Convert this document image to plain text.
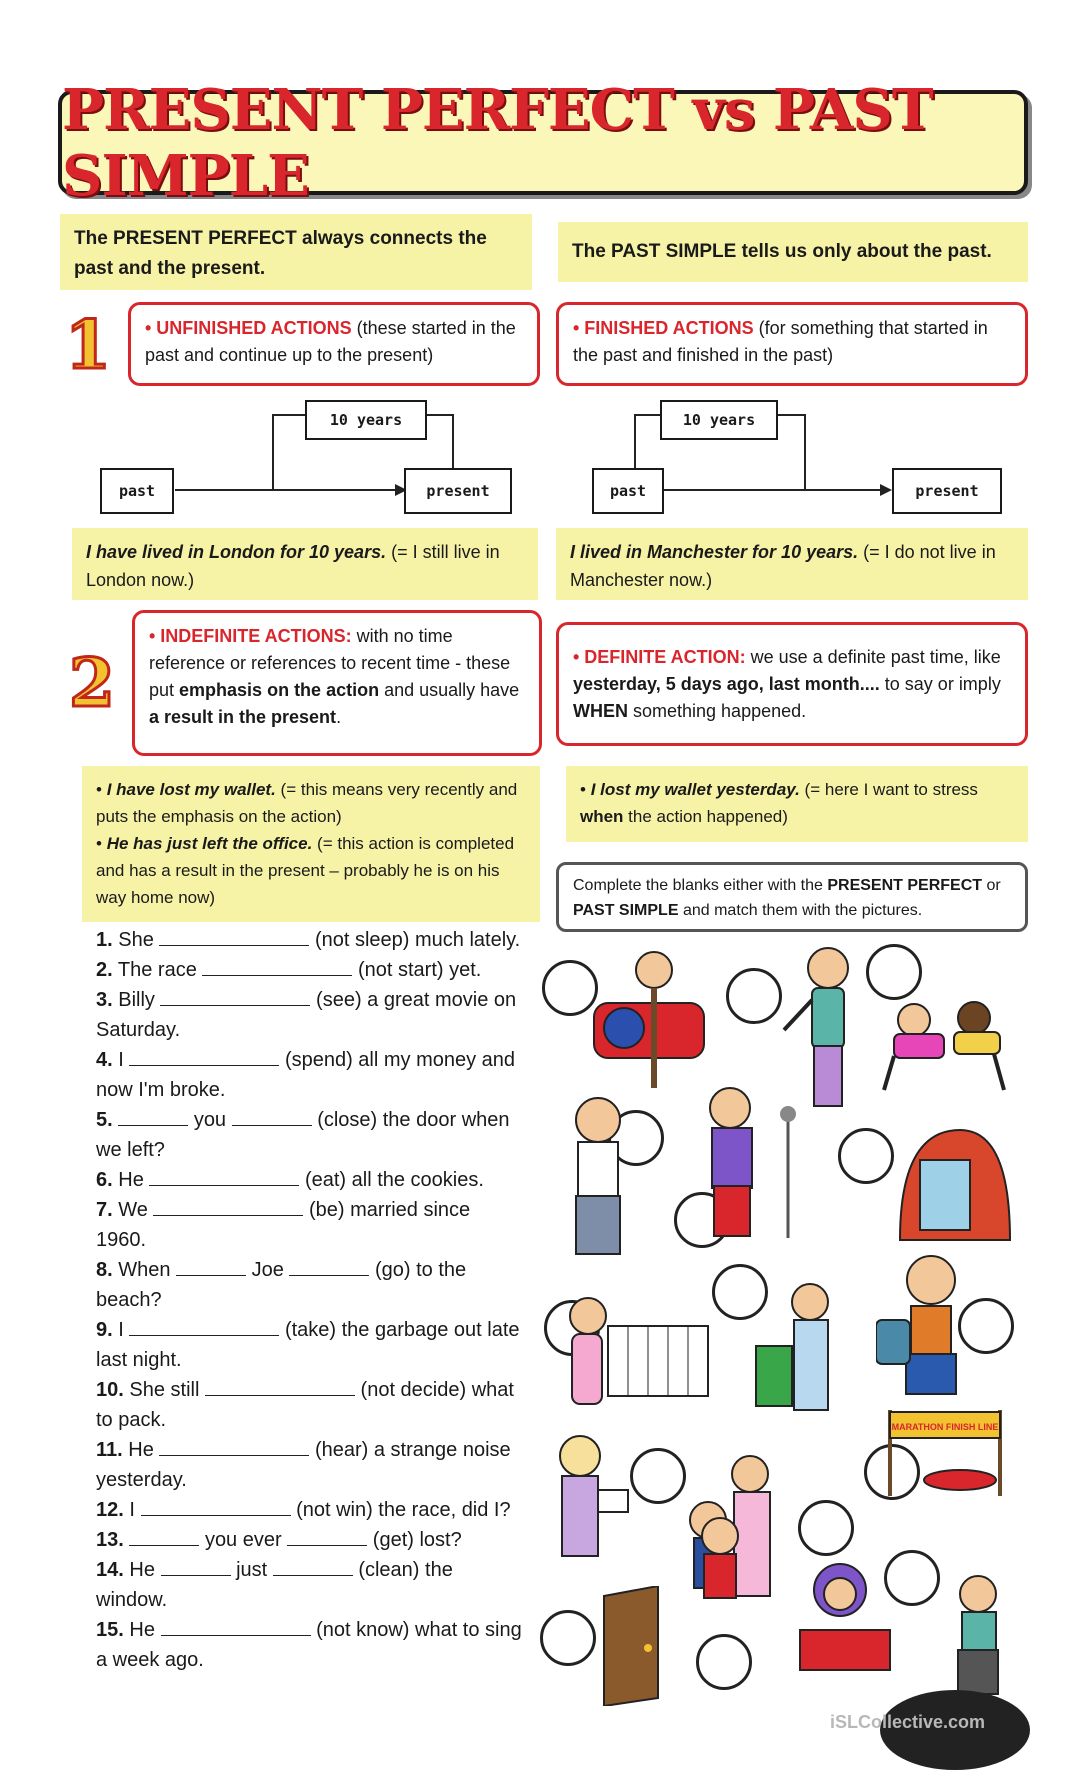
PRESENT PERFECT vs PAST SIMPLE
The PRESENT PERFECT always connects the past and the present.
The PAST SIMPLE tells us only about the past.
1	• UNFINISHED ACTIONS (these started in the past and continue up to the present)
• FINISHED ACTIONS (for something that started in the past and finished in the past)
10 years
past	present
10 years
past	present
I have lived in London for 10 years. (= I still live in London now.)
I lived in Manchester for 10 years. (= I do not live in Manchester now.)
2
• INDEFINITE ACTIONS: with no time reference or references to recent time - these put emphasis on the action and usually have a result in the present.
• DEFINITE ACTION: we use a definite past time, like yesterday, 5 days ago, last month.... to say or imply WHEN something happened.
• I have lost my wallet. (= this means very recently and puts the emphasis on the action)
• He has just left the office. (= this action is completed and has a result in the present – probably he is on his way home now)
• I lost my wallet yesterday. (= here I want to stress when the action happened)
Complete the blanks either with the PRESENT PERFECT or PAST SIMPLE and match them with the pictures.

1. She	(not sleep) much lately.

2. The race	(not start) yet.

3. Billy	(see) a great movie on Saturday.

4. I	(spend) all my money and now I'm broke.

5.	you	(close) the door when we left?

6. He	(eat) all the cookies.

7. We	(be) married since 1960.

8. When	Joe	(go) to the beach?

9. I	(take) the garbage out late last night.

10. She still	(not decide) what to pack.

11. He	(hear) a strange noise yesterday.

12. I	(not win) the race, did I?

13.	you ever	(get) lost?

14. He	just	(clean) the window.

15. He	(not know) what to sing a week ago.

MARATHON FINISH LINE
iSLCollective.com
